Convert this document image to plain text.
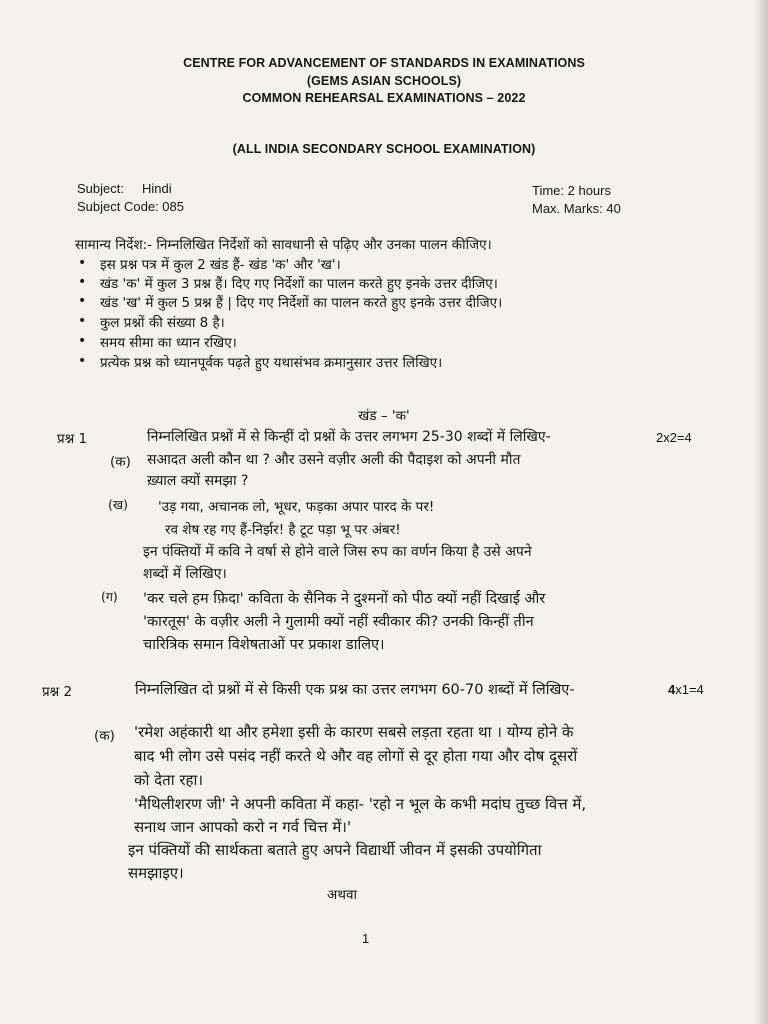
CENTRE FOR ADVANCEMENT OF STANDARDS IN EXAMINATIONS
(GEMS ASIAN SCHOOLS)
COMMON REHEARSAL EXAMINATIONS – 2022
(ALL INDIA SECONDARY SCHOOL EXAMINATION)
Subject: Hindi
Subject Code: 085
Time: 2 hours
Max. Marks: 40
सामान्य निर्देश:- निम्नलिखित निर्देशों को सावधानी से पढ़िए और उनका पालन कीजिए।
• इस प्रश्न पत्र में कुल 2 खंड हैं- खंड 'क' और 'ख'।
• खंड 'क' में कुल 3 प्रश्न हैं। दिए गए निर्देशों का पालन करते हुए इनके उत्तर दीजिए।
• खंड 'ख' में कुल 5 प्रश्न हैं | दिए गए निर्देशों का पालन करते हुए इनके उत्तर दीजिए।
• कुल प्रश्नों की संख्या 8 है।
• समय सीमा का ध्यान रखिए।
• प्रत्येक प्रश्न को ध्यानपूर्वक पढ़ते हुए यथासंभव क्रमानुसार उत्तर लिखिए।
खंड – 'क'
प्रश्न 1	निम्नलिखित प्रश्नों में से किन्हीं दो प्रश्नों के उत्तर लगभग 25-30 शब्दों में लिखिए-	2x2=4
(क) सआदत अली कौन था ? और उसने वज़ीर अली की पैदाइश को अपनी मौत
ख़्याल क्यों समझा ?
(ख) 'उड़ गया, अचानक लो, भूधर, फड़का अपार पारद के पर!
रव शेष रह गए हैं-निर्झर! है टूट पड़ा भू पर अंबर!
इन पंक्तियों में कवि ने वर्षा से होने वाले जिस रुप का वर्णन किया है उसे अपने
शब्दों में लिखिए।
(ग) 'कर चले हम फ़िदा' कविता के सैनिक ने दुश्मनों को पीठ क्यों नहीं दिखाई और
'कारतूस' के वज़ीर अली ने गुलामी क्यों नहीं स्वीकार की? उनकी किन्हीं तीन
चारित्रिक समान विशेषताओं पर प्रकाश डालिए।
प्रश्न 2	निम्नलिखित दो प्रश्नों में से किसी एक प्रश्न का उत्तर लगभग 60-70 शब्दों में लिखिए-	4x1=4
(क) 'रमेश अहंकारी था और हमेशा इसी के कारण सबसे लड़ता रहता था । योग्य होने के
बाद भी लोग उसे पसंद नहीं करते थे और वह लोगों से दूर होता गया और दोष दूसरों
को देता रहा।
'मैथिलीशरण जी' ने अपनी कविता में कहा- 'रहो न भूल के कभी मदांघ तुच्छ वित्त में,
सनाथ जान आपको करो न गर्व चित्त में।'
इन पंक्तियों की सार्थकता बताते हुए अपने विद्यार्थी जीवन में इसकी उपयोगिता
समझाइए।
अथवा
1
